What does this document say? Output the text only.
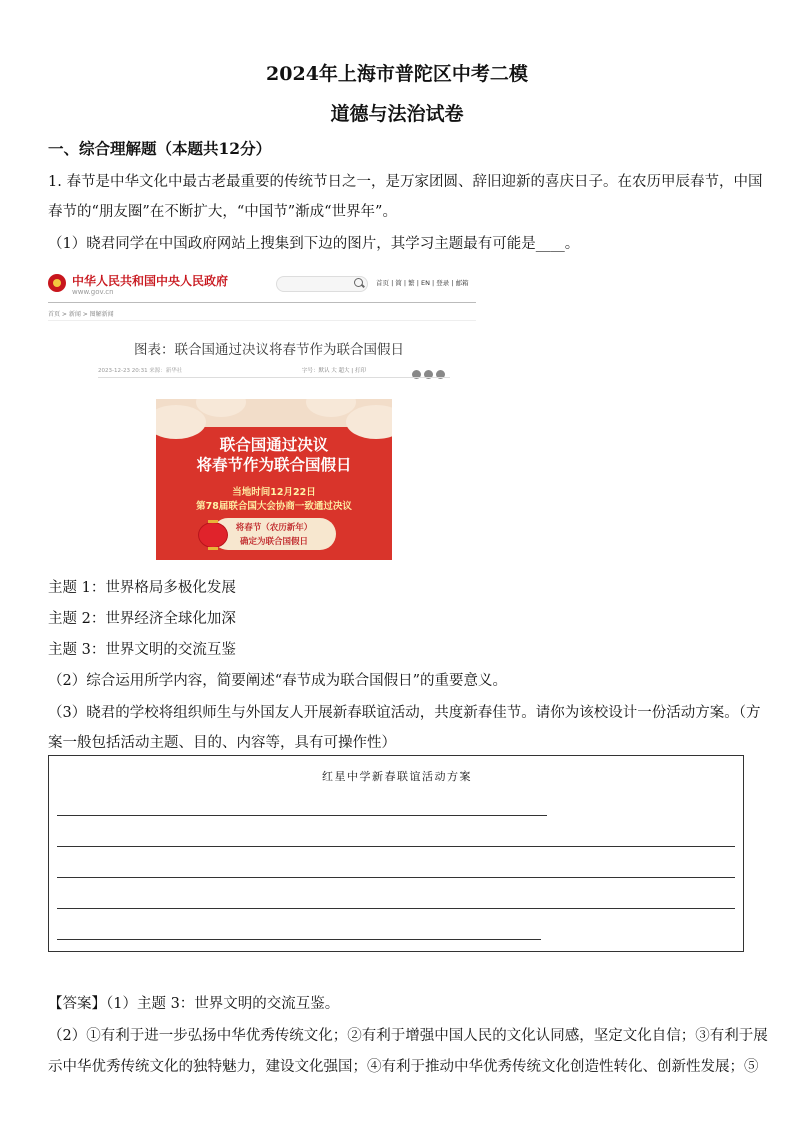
2024年上海市普陀区中考二模
道德与法治试卷
一、综合理解题（本题共12分）
1. 春节是中华文化中最古老最重要的传统节日之一，是万家团圆、辞旧迎新的喜庆日子。在农历甲辰春节，中国
春节的“朋友圈”在不断扩大，“中国节”渐成“世界年”。
（1）晓君同学在中国政府网站上搜集到下边的图片，其学习主题最有可能是____。
中华人民共和国中央人民政府
www.gov.cn
首页 | 简 | 繁 | EN | 登录 | 邮箱
首页 > 新闻 > 图解新闻
图表：联合国通过决议将春节作为联合国假日
2023-12-23 20:31 来源：新华社	字号：默认 大 超大 | 打印
联合国通过决议
将春节作为联合国假日
当地时间12月22日
第78届联合国大会协商一致通过决议
将春节（农历新年）
确定为联合国假日
主题 1：世界格局多极化发展
主题 2：世界经济全球化加深
主题 3：世界文明的交流互鉴
（2）综合运用所学内容，简要阐述“春节成为联合国假日”的重要意义。
（3）晓君的学校将组织师生与外国友人开展新春联谊活动，共度新春佳节。请你为该校设计一份活动方案。（方
案一般包括活动主题、目的、内容等，具有可操作性）
红星中学新春联谊活动方案
【答案】（1）主题 3：世界文明的交流互鉴。
（2）①有利于进一步弘扬中华优秀传统文化；②有利于增强中国人民的文化认同感，坚定文化自信；③有利于展
示中华优秀传统文化的独特魅力，建设文化强国；④有利于推动中华优秀传统文化创造性转化、创新性发展；⑤
